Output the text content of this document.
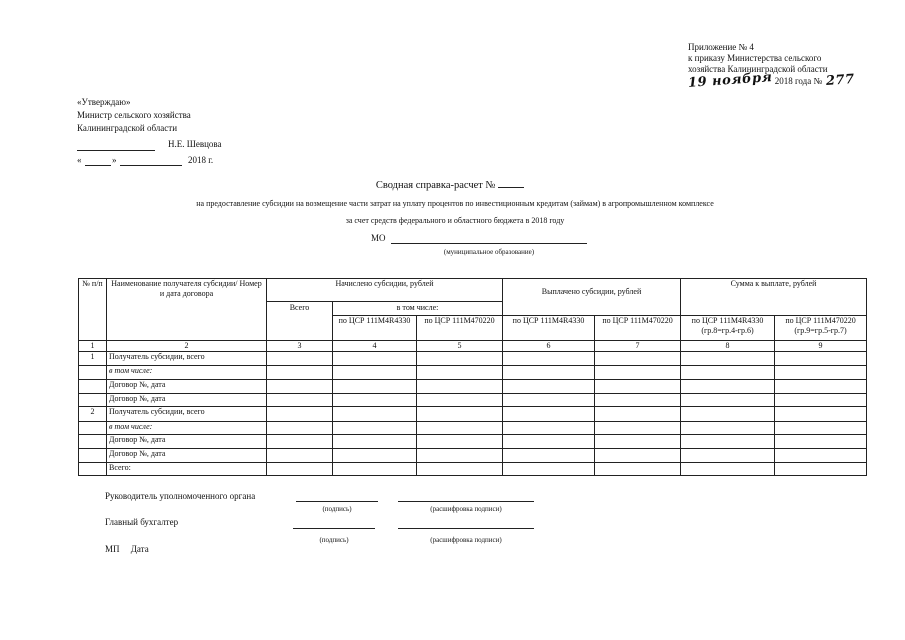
Приложение № 4
к приказу Министерства сельского
хозяйства Калининградской области
19 ноября 2018 года № 277
«Утверждаю»
Министр сельского хозяйства
Калининградской области
Н.Е. Шевцова
«	»	2018 г.
Сводная справка-расчет №
на предоставление субсидии на возмещение части затрат на уплату процентов по инвестиционным кредитам (займам) в агропромышленном комплексе
за счет средств федерального и областного бюджета в 2018 году
МО
(муниципальное образование)
№ п/п	Наименование получателя субсидии/ Номер и дата договора	Начислено субсидии, рублей			Выплачено субсидии, рублей		Сумма к выплате, рублей	
		Всего	в том числе:					
			по ЦСР 111M4R4330	по ЦСР 111M470220	по ЦСР 111M4R4330	по ЦСР 111M470220	по ЦСР 111M4R4330 (гр.8=гр.4-гр.6)	по ЦСР 111M470220 (гр.9=гр.5-гр.7)
1	2	3	4	5	6	7	8	9
1	Получатель субсидии, всего							
	в том числе:							
	Договор №, дата							
	Договор №, дата							
2	Получатель субсидии, всего							
	в том числе:							
	Договор №, дата							
	Договор №, дата							
	Всего:							
Руководитель уполномоченного органа
(подпись)	(расшифровка подписи)
Главный бухгалтер
(подпись)	(расшифровка подписи)
МП     Дата
